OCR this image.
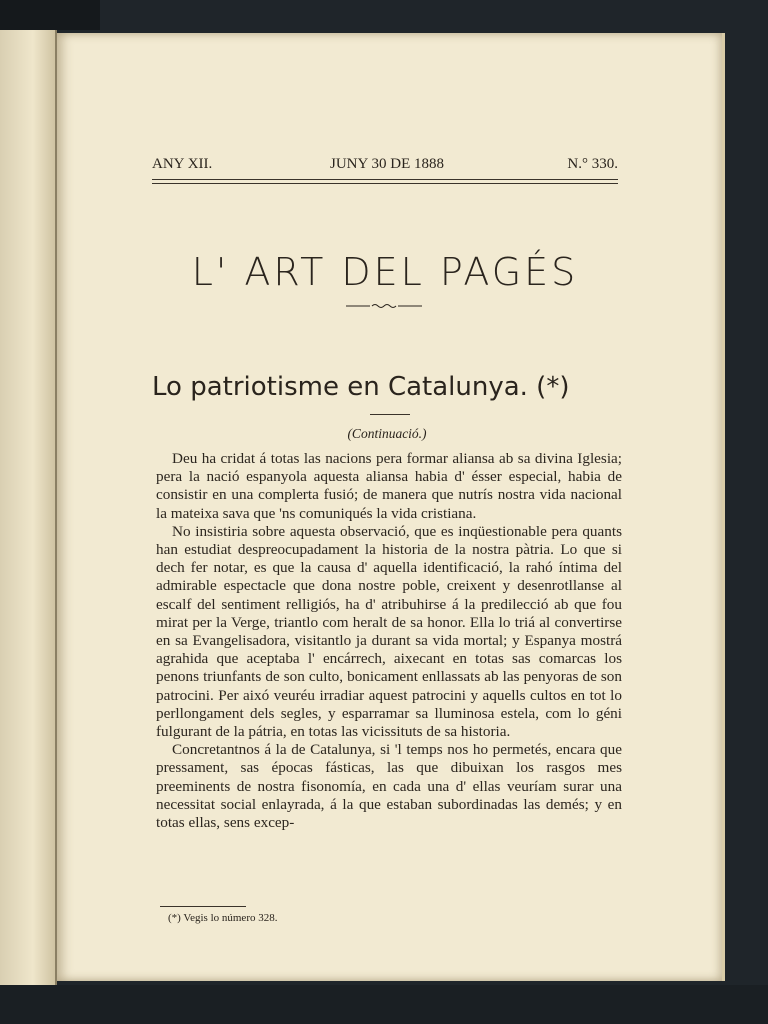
ANY XII.	JUNY 30 DE 1888	N.° 330.
L' ART DEL PAGÉS
Lo patriotisme en Catalunya. (*)
(Continuació.)

Deu ha cridat á totas las nacions pera formar aliansa ab sa divina Iglesia; pera la nació espanyola aquesta aliansa habia d' ésser especial, habia de consistir en una complerta fusió; de manera que nutrís nostra vida nacional la mateixa sava que 'ns comuniqués la vida cristiana.

No insistiria sobre aquesta observació, que es inqüestionable pera quants han estudiat despreocupadament la historia de la nostra pàtria. Lo que si dech fer notar, es que la causa d' aquella identificació, la rahó íntima del admirable espectacle que dona nostre poble, creixent y desenrotllanse al escalf del sentiment relligiós, ha d' atribuhirse á la predilecció ab que fou mirat per la Verge, triantlo com heralt de sa honor. Ella lo triá al convertirse en sa Evangelisadora, visitantlo ja durant sa vida mortal; y Espanya mostrá agrahida que aceptaba l' encárrech, aixecant en totas sas comarcas los penons triunfants de son culto, bonicament enllassats ab las penyoras de son patrocini. Per aixó veuréu irradiar aquest patrocini y aquells cultos en tot lo perllongament dels segles, y esparramar sa lluminosa estela, com lo géni fulgurant de la pátria, en totas las vicissituts de sa historia.

Concretantnos á la de Catalunya, si 'l temps nos ho permetés, encara que pressament, sas épocas fásticas, las que dibuixan los rasgos mes preeminents de nostra fisonomía, en cada una d' ellas veuríam surar una necessitat social enlayrada, á la que estaban subordinadas las demés; y en totas ellas, sens excep-

(*) Vegis lo número 328.
